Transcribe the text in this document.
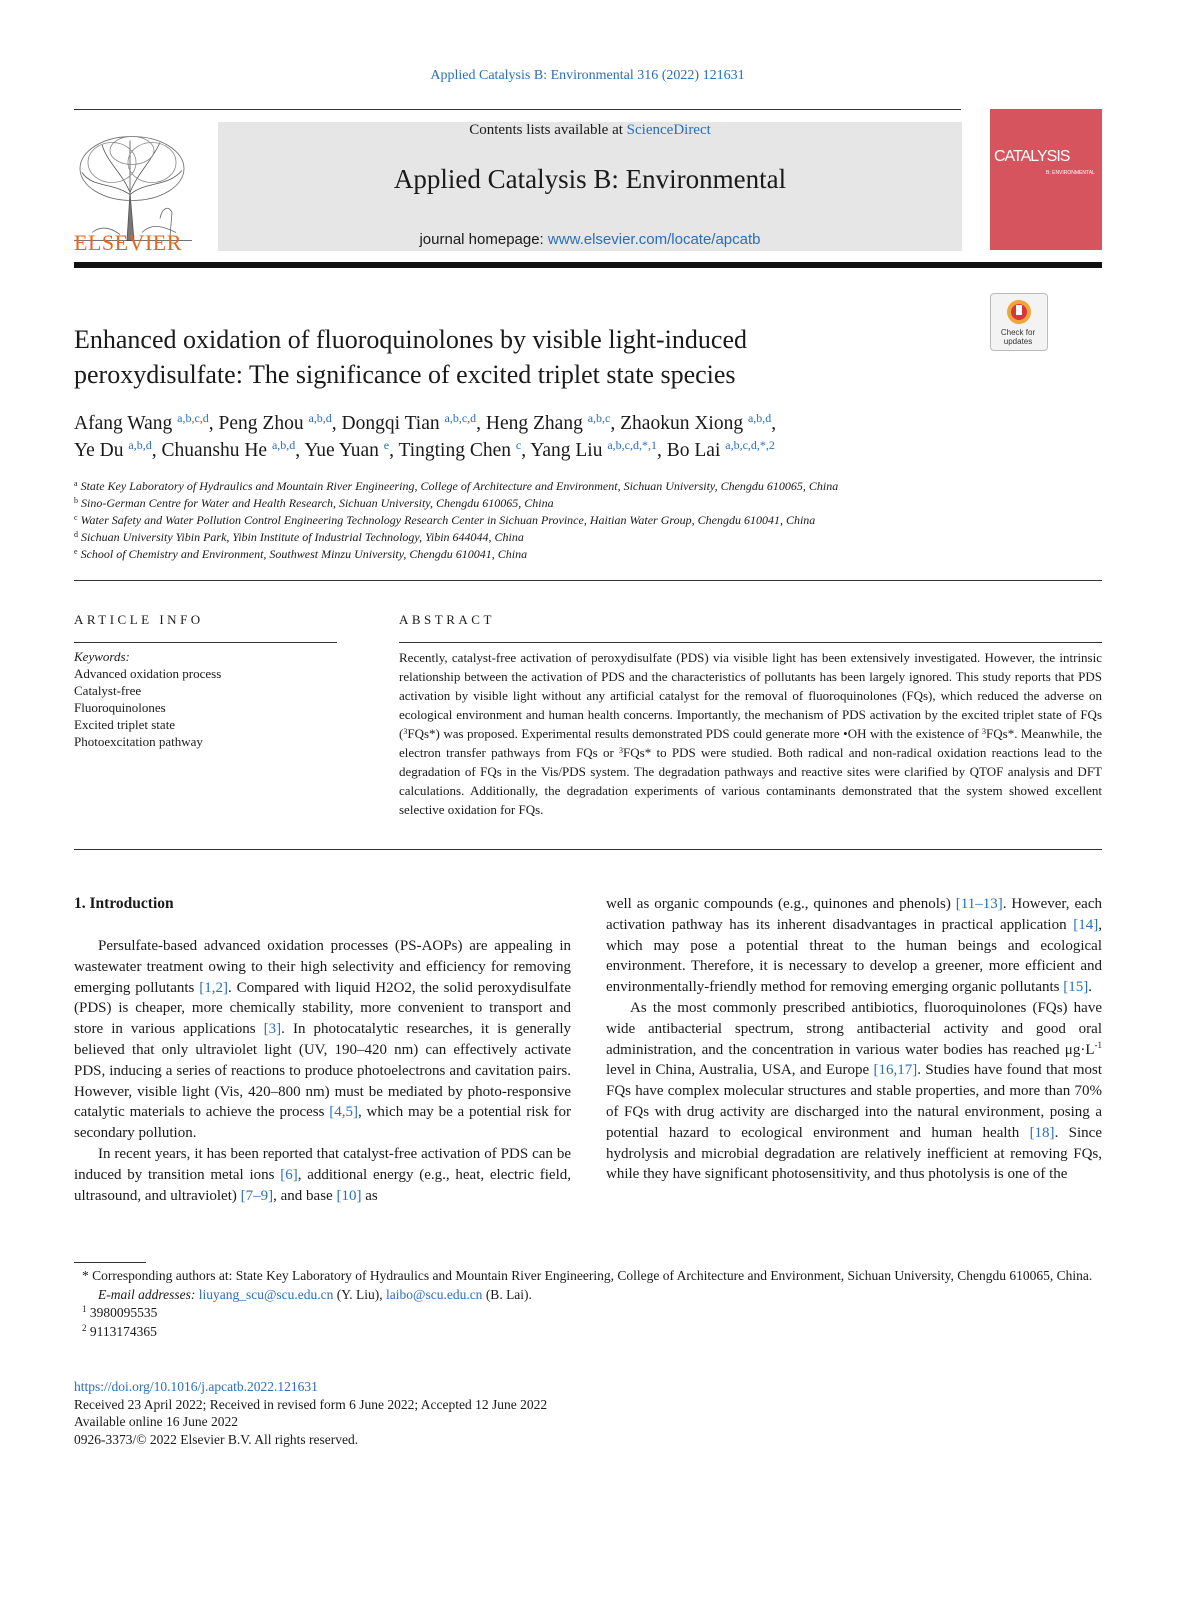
Applied Catalysis B: Environmental 316 (2022) 121631
ELSEVIER
Contents lists available at ScienceDirect
Applied Catalysis B: Environmental
journal homepage: www.elsevier.com/locate/apcatb
CATALYSIS
B: ENVIRONMENTAL
Check for updates
Enhanced oxidation of fluoroquinolones by visible light-induced
peroxydisulfate: The significance of excited triplet state species
Afang Wang $^{a,b,c,d}$, Peng Zhou $^{a,b,d}$, Dongqi Tian $^{a,b,c,d}$, Heng Zhang $^{a,b,c}$, Zhaokun Xiong $^{a,b,d}$,
Ye Du $^{a,b,d}$, Chuanshu He $^{a,b,d}$, Yue Yuan $^e$, Tingting Chen $^c$, Yang Liu $^{a,b,c,d,*,1}$, Bo Lai $^{a,b,c,d,*,2}$
$^a$ State Key Laboratory of Hydraulics and Mountain River Engineering, College of Architecture and Environment, Sichuan University, Chengdu 610065, China
$^b$ Sino-German Centre for Water and Health Research, Sichuan University, Chengdu 610065, China
$^c$ Water Safety and Water Pollution Control Engineering Technology Research Center in Sichuan Province, Haitian Water Group, Chengdu 610041, China
$^d$ Sichuan University Yibin Park, Yibin Institute of Industrial Technology, Yibin 644044, China
$^e$ School of Chemistry and Environment, Southwest Minzu University, Chengdu 610041, China
ARTICLE INFO	ABSTRACT
Keywords:
Advanced oxidation process
Catalyst-free
Fluoroquinolones
Excited triplet state
Photoexcitation pathway
Recently, catalyst-free activation of peroxydisulfate (PDS) via visible light has been extensively investigated. However, the intrinsic relationship between the activation of PDS and the characteristics of pollutants has been largely ignored. This study reports that PDS activation by visible light without any artificial catalyst for the removal of fluoroquinolones (FQs), which reduced the adverse on ecological environment and human health concerns. Importantly, the mechanism of PDS activation by the excited triplet state of FQs ($^3$FQs*) was proposed. Experimental results demonstrated PDS could generate more •OH with the existence of $^3$FQs*. Meanwhile, the electron transfer pathways from FQs or $^3$FQs* to PDS were studied. Both radical and non-radical oxidation reactions lead to the degradation of FQs in the Vis/PDS system. The degradation pathways and reactive sites were clarified by QTOF analysis and DFT calculations. Additionally, the degradation experiments of various contaminants demonstrated that the system showed excellent selective oxidation for FQs.
1. Introduction

Persulfate-based advanced oxidation processes (PS-AOPs) are appealing in wastewater treatment owing to their high selectivity and efficiency for removing emerging pollutants [1,2]. Compared with liquid H2O2, the solid peroxydisulfate (PDS) is cheaper, more chemically stability, more convenient to transport and store in various applications [3]. In photocatalytic researches, it is generally believed that only ultraviolet light (UV, 190–420 nm) can effectively activate PDS, inducing a series of reactions to produce photoelectrons and cavitation pairs. However, visible light (Vis, 420–800 nm) must be mediated by photo-responsive catalytic materials to achieve the process [4,5], which may be a potential risk for secondary pollution.

In recent years, it has been reported that catalyst-free activation of PDS can be induced by transition metal ions [6], additional energy (e.g., heat, electric field, ultrasound, and ultraviolet) [7–9], and base [10] as

well as organic compounds (e.g., quinones and phenols) [11–13]. However, each activation pathway has its inherent disadvantages in practical application [14], which may pose a potential threat to the human beings and ecological environment. Therefore, it is necessary to develop a greener, more efficient and environmentally-friendly method for removing emerging organic pollutants [15].

As the most commonly prescribed antibiotics, fluoroquinolones (FQs) have wide antibacterial spectrum, strong antibacterial activity and good oral administration, and the concentration in various water bodies has reached $\mu g\cdot L^{-1}$ level in China, Australia, USA, and Europe [16,17]. Studies have found that most FQs have complex molecular structures and stable properties, and more than 70% of FQs with drug activity are discharged into the natural environment, posing a potential hazard to ecological environment and human health [18]. Since hydrolysis and microbial degradation are relatively inefficient at removing FQs, while they have significant photosensitivity, and thus photolysis is one of the

* Corresponding authors at: State Key Laboratory of Hydraulics and Mountain River Engineering, College of Architecture and Environment, Sichuan University, Chengdu 610065, China.

E-mail addresses: liuyang_scu@scu.edu.cn (Y. Liu), laibo@scu.edu.cn (B. Lai).

$^1$ 3980095535

$^2$ 9113174365

https://doi.org/10.1016/j.apcatb.2022.121631

Received 23 April 2022; Received in revised form 6 June 2022; Accepted 12 June 2022

Available online 16 June 2022

0926-3373/© 2022 Elsevier B.V. All rights reserved.
